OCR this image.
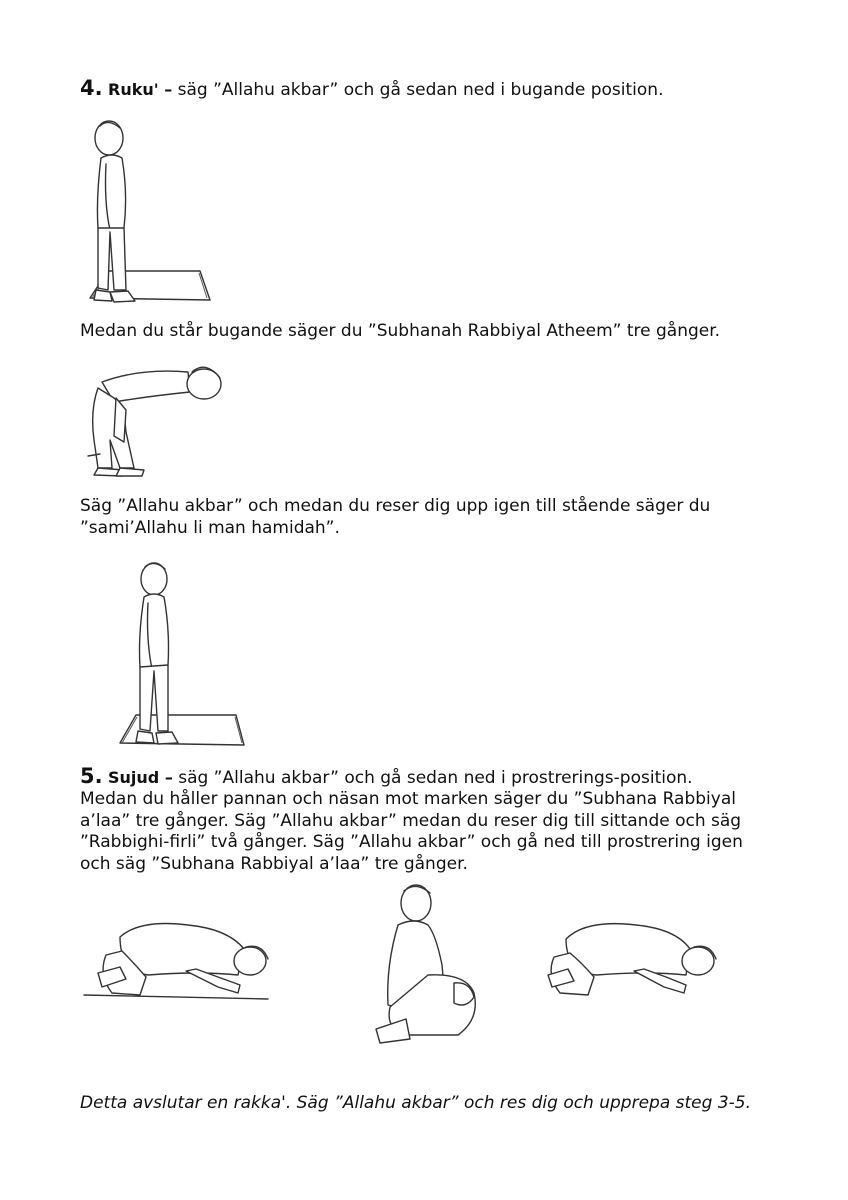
4. Ruku' – säg ”Allahu akbar” och gå sedan ned i bugande position.
Medan du står bugande säger du ”Subhanah Rabbiyal Atheem” tre gånger.
Säg ”Allahu akbar” och medan du reser dig upp igen till stående säger du
”sami’Allahu li man hamidah”.
5. Sujud – säg ”Allahu akbar” och gå sedan ned i prostrerings-position.
Medan du håller pannan och näsan mot marken säger du ”Subhana Rabbiyal
a’laa” tre gånger. Säg ”Allahu akbar” medan du reser dig till sittande och säg
”Rabbighi-firli” två gånger. Säg ”Allahu akbar” och gå ned till prostrering igen
och säg ”Subhana Rabbiyal a’laa” tre gånger.
Detta avslutar en rakka'. Säg ”Allahu akbar” och res dig och upprepa steg 3-5.
